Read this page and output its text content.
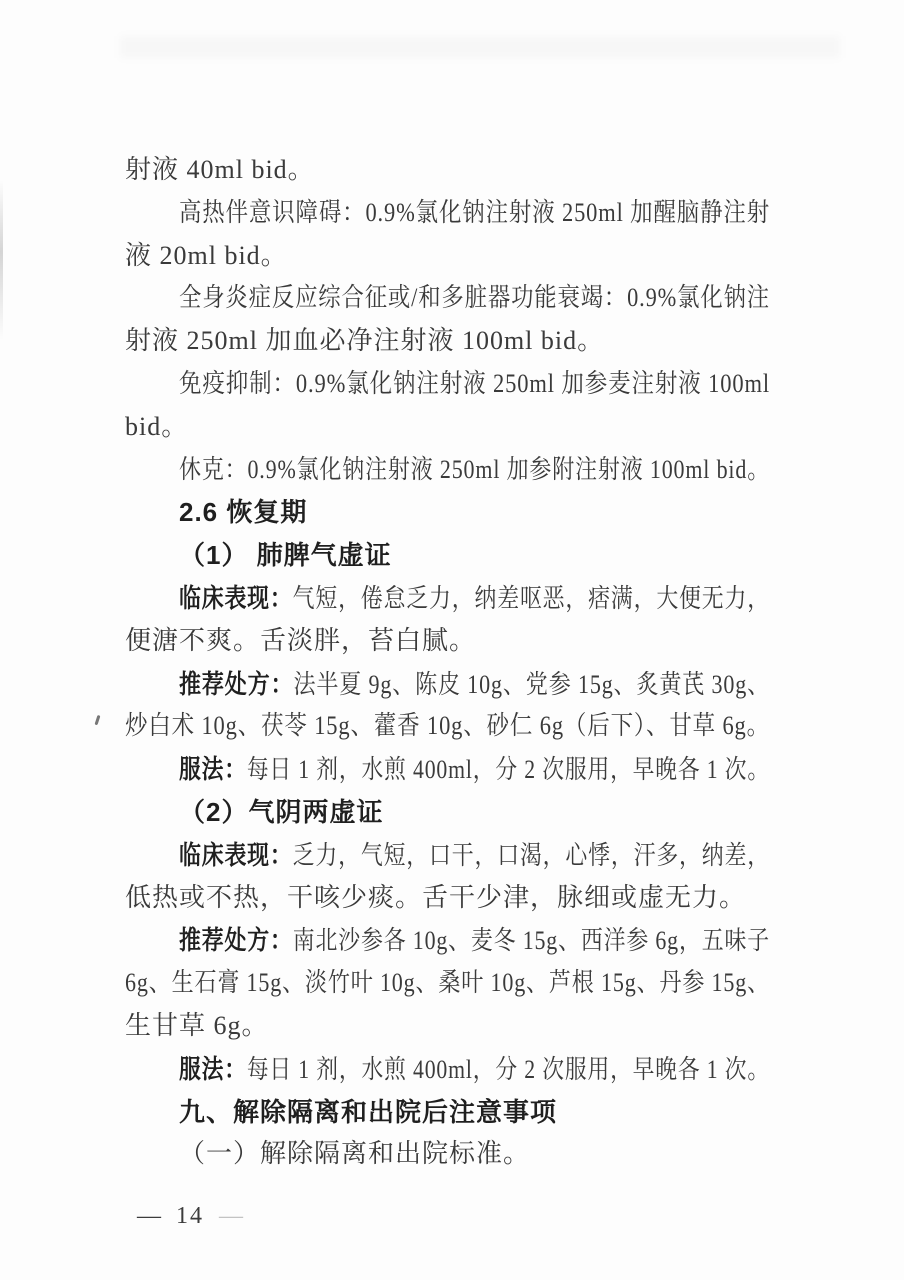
射液 40ml bid。
高热伴意识障碍：0.9%氯化钠注射液 250ml 加醒脑静注射
液 20ml bid。
全身炎症反应综合征或/和多脏器功能衰竭：0.9%氯化钠注
射液 250ml 加血必净注射液 100ml bid。
免疫抑制：0.9%氯化钠注射液 250ml 加参麦注射液 100ml
bid。
休克：0.9%氯化钠注射液 250ml 加参附注射液 100ml bid。
2.6 恢复期
（1） 肺脾气虚证
临床表现：气短，倦怠乏力，纳差呕恶，痞满，大便无力，
便溏不爽。舌淡胖，苔白腻。
推荐处方：法半夏 9g、陈皮 10g、党参 15g、炙黄芪 30g、
炒白术 10g、茯苓 15g、藿香 10g、砂仁 6g（后下）、甘草 6g。
服法：每日 1 剂，水煎 400ml，分 2 次服用，早晚各 1 次。
（2）气阴两虚证
临床表现：乏力，气短，口干，口渴，心悸，汗多，纳差，
低热或不热，干咳少痰。舌干少津，脉细或虚无力。
推荐处方：南北沙参各 10g、麦冬 15g、西洋参 6g，五味子
6g、生石膏 15g、淡竹叶 10g、桑叶 10g、芦根 15g、丹参 15g、
生甘草 6g。
服法：每日 1 剂，水煎 400ml，分 2 次服用，早晚各 1 次。
九、解除隔离和出院后注意事项
（一）解除隔离和出院标准。
— 14 —
